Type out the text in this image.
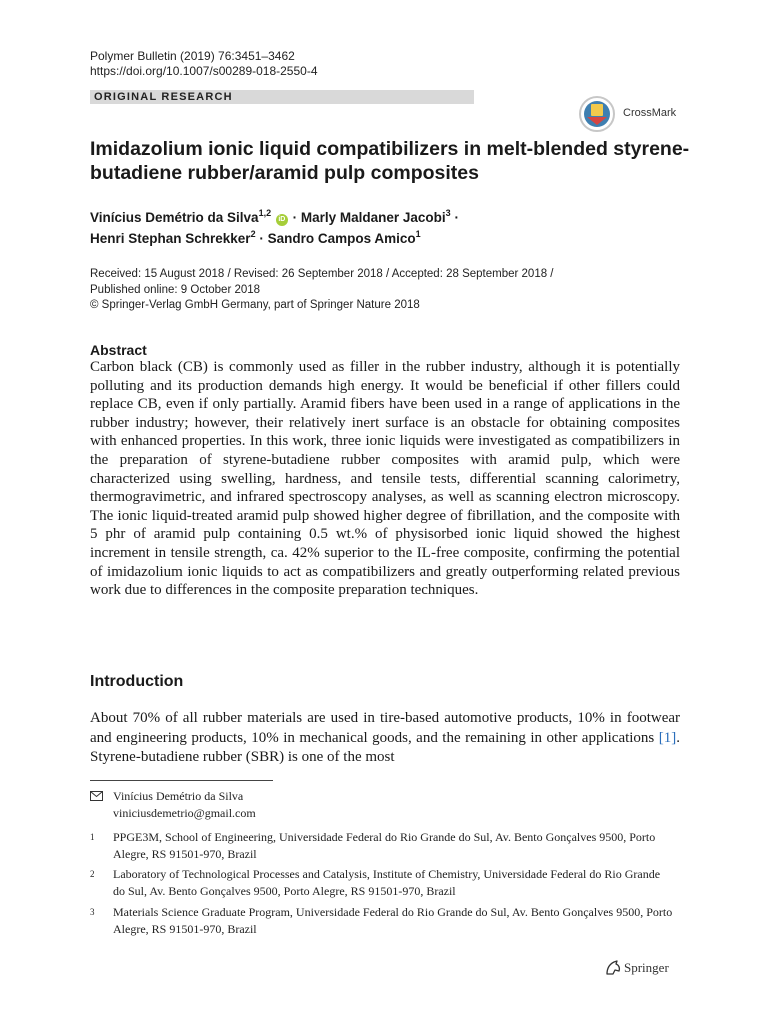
Polymer Bulletin (2019) 76:3451–3462
https://doi.org/10.1007/s00289-018-2550-4
ORIGINAL RESEARCH
CrossMark
Imidazolium ionic liquid compatibilizers in melt-blended styrene-butadiene rubber/aramid pulp composites
Vinícius Demétrio da Silva$^{1,2}$ iD · Marly Maldaner Jacobi$^3$ ·
Henri Stephan Schrekker$^2$ · Sandro Campos Amico$^1$
Received: 15 August 2018 / Revised: 26 September 2018 / Accepted: 28 September 2018 /
Published online: 9 October 2018
© Springer-Verlag GmbH Germany, part of Springer Nature 2018
Abstract
Carbon black (CB) is commonly used as filler in the rubber industry, although it is potentially polluting and its production demands high energy. It would be beneficial if other fillers could replace CB, even if only partially. Aramid fibers have been used in a range of applications in the rubber industry; however, their relatively inert surface is an obstacle for obtaining composites with enhanced properties. In this work, three ionic liquids were investigated as compatibilizers in the preparation of styrene-butadiene rubber composites with aramid pulp, which were characterized using swelling, hardness, and tensile tests, differential scanning calorimetry, thermogravimetric, and infrared spectroscopy analyses, as well as scanning electron microscopy. The ionic liquid-treated aramid pulp showed higher degree of fibrillation, and the composite with 5 phr of aramid pulp containing 0.5 wt.% of physisorbed ionic liquid showed the highest increment in tensile strength, ca. 42% superior to the IL-free composite, confirming the potential of imidazolium ionic liquids to act as compatibilizers and greatly outperforming related previous work due to differences in the composite preparation techniques.
Introduction
About 70% of all rubber materials are used in tire-based automotive products, 10% in footwear and engineering products, 10% in mechanical goods, and the remaining in other applications [1]. Styrene-butadiene rubber (SBR) is one of the most
Vinícius Demétrio da Silva
viniciusdemetrio@gmail.com
1 PPGE3M, School of Engineering, Universidade Federal do Rio Grande do Sul, Av. Bento Gonçalves 9500, Porto Alegre, RS 91501-970, Brazil
2 Laboratory of Technological Processes and Catalysis, Institute of Chemistry, Universidade Federal do Rio Grande do Sul, Av. Bento Gonçalves 9500, Porto Alegre, RS 91501-970, Brazil
3 Materials Science Graduate Program, Universidade Federal do Rio Grande do Sul, Av. Bento Gonçalves 9500, Porto Alegre, RS 91501-970, Brazil
Springer
